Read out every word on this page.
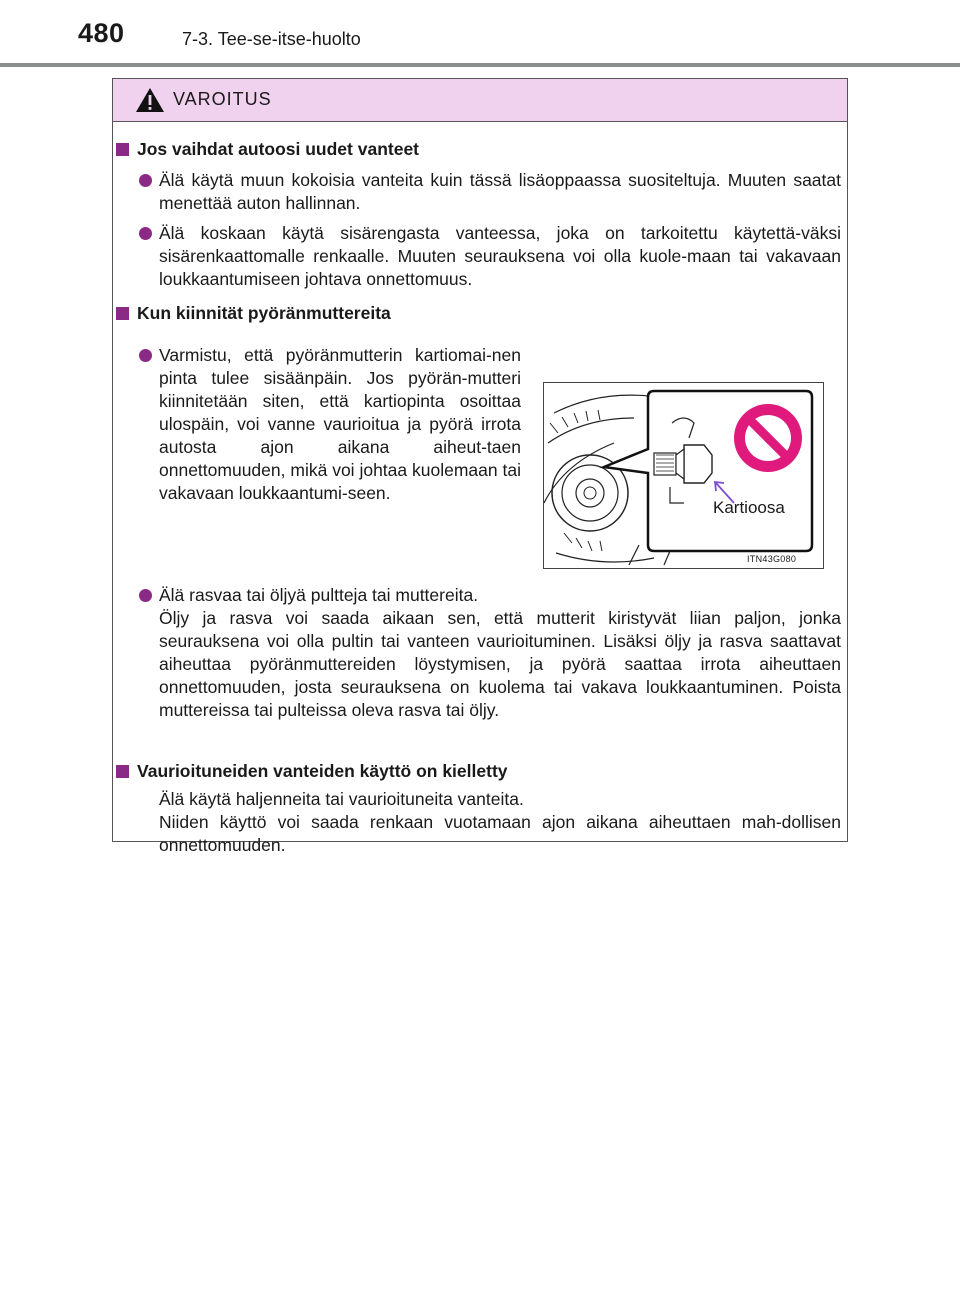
480	7-3. Tee-se-itse-huolto
VAROITUS
Jos vaihdat autoosi uudet vanteet
Älä käytä muun kokoisia vanteita kuin tässä lisäoppaassa suositeltuja. Muuten saatat menettää auton hallinnan.
Älä koskaan käytä sisärengasta vanteessa, joka on tarkoitettu käytettä-väksi sisärenkaattomalle renkaalle. Muuten seurauksena voi olla kuole-maan tai vakavaan loukkaantumiseen johtava onnettomuus.
Kun kiinnität pyöränmuttereita
Varmistu, että pyöränmutterin kartiomai-nen pinta tulee sisäänpäin. Jos pyörän-mutteri kiinnitetään siten, että kartiopinta osoittaa ulospäin, voi vanne vaurioitua ja pyörä irrota autosta ajon aikana aiheut-taen onnettomuuden, mikä voi johtaa kuolemaan tai vakavaan loukkaantumi-seen.
Kartioosa
ITN43G080
Älä rasvaa tai öljyä pultteja tai muttereita.
Öljy ja rasva voi saada aikaan sen, että mutterit kiristyvät liian paljon, jonka seurauksena voi olla pultin tai vanteen vaurioituminen. Lisäksi öljy ja rasva saattavat aiheuttaa pyöränmuttereiden löystymisen, ja pyörä saattaa irrota aiheuttaen onnettomuuden, josta seurauksena on kuolema tai vakava loukkaantuminen. Poista muttereissa tai pulteissa oleva rasva tai öljy.
Vaurioituneiden vanteiden käyttö on kielletty
Älä käytä haljenneita tai vaurioituneita vanteita.
Niiden käyttö voi saada renkaan vuotamaan ajon aikana aiheuttaen mah-dollisen onnettomuuden.
